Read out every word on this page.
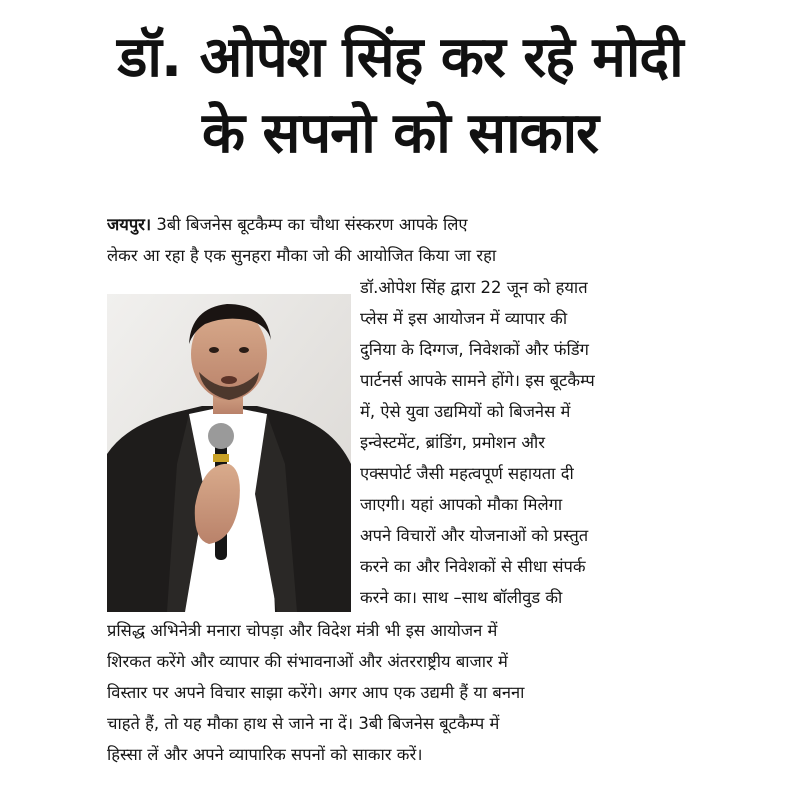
डॉ. ओपेश सिंह कर रहे मोदी
के सपनो को साकार
जयपुर। 3बी बिजनेस बूटकैम्प का चौथा संस्करण आपके लिए
लेकर आ रहा है एक सुनहरा मौका जो की आयोजित किया जा रहा
डॉ.ओपेश सिंह द्वारा 22 जून को हयात
प्लेस में इस आयोजन में व्यापार की
दुनिया के दिग्गज, निवेशकों और फंडिंग
पार्टनर्स आपके सामने होंगे। इस बूटकैम्प
में, ऐसे युवा उद्यमियों को बिजनेस में
इन्वेस्टमेंट, ब्रांडिंग, प्रमोशन और
एक्सपोर्ट जैसी महत्वपूर्ण सहायता दी
जाएगी। यहां आपको मौका मिलेगा
अपने विचारों और योजनाओं को प्रस्तुत
करने का और निवेशकों से सीधा संपर्क
करने का। साथ –साथ बॉलीवुड की
प्रसिद्ध अभिनेत्री मनारा चोपड़ा और विदेश मंत्री भी इस आयोजन में
शिरकत करेंगे और व्यापार की संभावनाओं और अंतरराष्ट्रीय बाजार में
विस्तार पर अपने विचार साझा करेंगे। अगर आप एक उद्यमी हैं या बनना
चाहते हैं, तो यह मौका हाथ से जाने ना दें। 3बी बिजनेस बूटकैम्प में
हिस्सा लें और अपने व्यापारिक सपनों को साकार करें।
